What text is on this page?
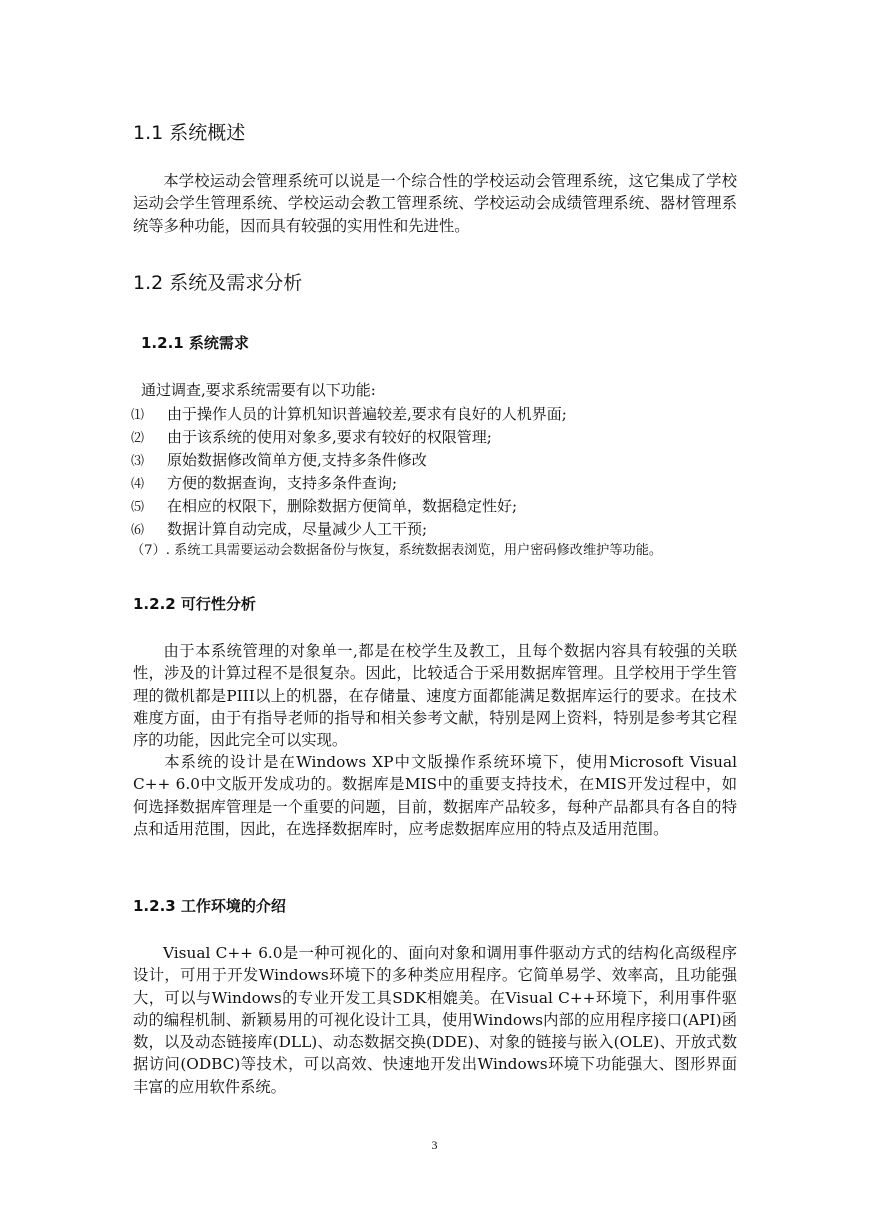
1.1 系统概述

本学校运动会管理系统可以说是一个综合性的学校运动会管理系统，这它集成了学校运动会学生管理系统、学校运动会教工管理系统、学校运动会成绩管理系统、器材管理系统等多种功能，因而具有较强的实用性和先进性。

1.2 系统及需求分析
1.2.1 系统需求
通过调查,要求系统需要有以下功能:
⑴ 由于操作人员的计算机知识普遍较差,要求有良好的人机界面;
⑵ 由于该系统的使用对象多,要求有较好的权限管理;
⑶ 原始数据修改简单方便,支持多条件修改
⑷ 方便的数据查询，支持多条件查询;
⑸ 在相应的权限下，删除数据方便简单，数据稳定性好;
⑹ 数据计算自动完成，尽量减少人工干预;
（7）. 系统工具需要运动会数据备份与恢复，系统数据表浏览，用户密码修改维护等功能。
1.2.2 可行性分析

由于本系统管理的对象单一,都是在校学生及教工，且每个数据内容具有较强的关联性，涉及的计算过程不是很复杂。因此，比较适合于采用数据库管理。且学校用于学生管理的微机都是PIII以上的机器，在存储量、速度方面都能满足数据库运行的要求。在技术难度方面，由于有指导老师的指导和相关参考文献，特别是网上资料，特别是参考其它程序的功能，因此完全可以实现。

本系统的设计是在Windows XP中文版操作系统环境下，使用Microsoft Visual C++ 6.0中文版开发成功的。数据库是MIS中的重要支持技术，在MIS开发过程中，如何选择数据库管理是一个重要的问题，目前，数据库产品较多，每种产品都具有各自的特点和适用范围，因此，在选择数据库时，应考虑数据库应用的特点及适用范围。

1.2.3 工作环境的介绍

Visual C++ 6.0是一种可视化的、面向对象和调用事件驱动方式的结构化高级程序设计，可用于开发Windows环境下的多种类应用程序。它简单易学、效率高，且功能强大，可以与Windows的专业开发工具SDK相媲美。在Visual C++环境下，利用事件驱动的编程机制、新颖易用的可视化设计工具，使用Windows内部的应用程序接口(API)函数，以及动态链接库(DLL)、动态数据交换(DDE)、对象的链接与嵌入(OLE)、开放式数据访问(ODBC)等技术，可以高效、快速地开发出Windows环境下功能强大、图形界面丰富的应用软件系统。

3
